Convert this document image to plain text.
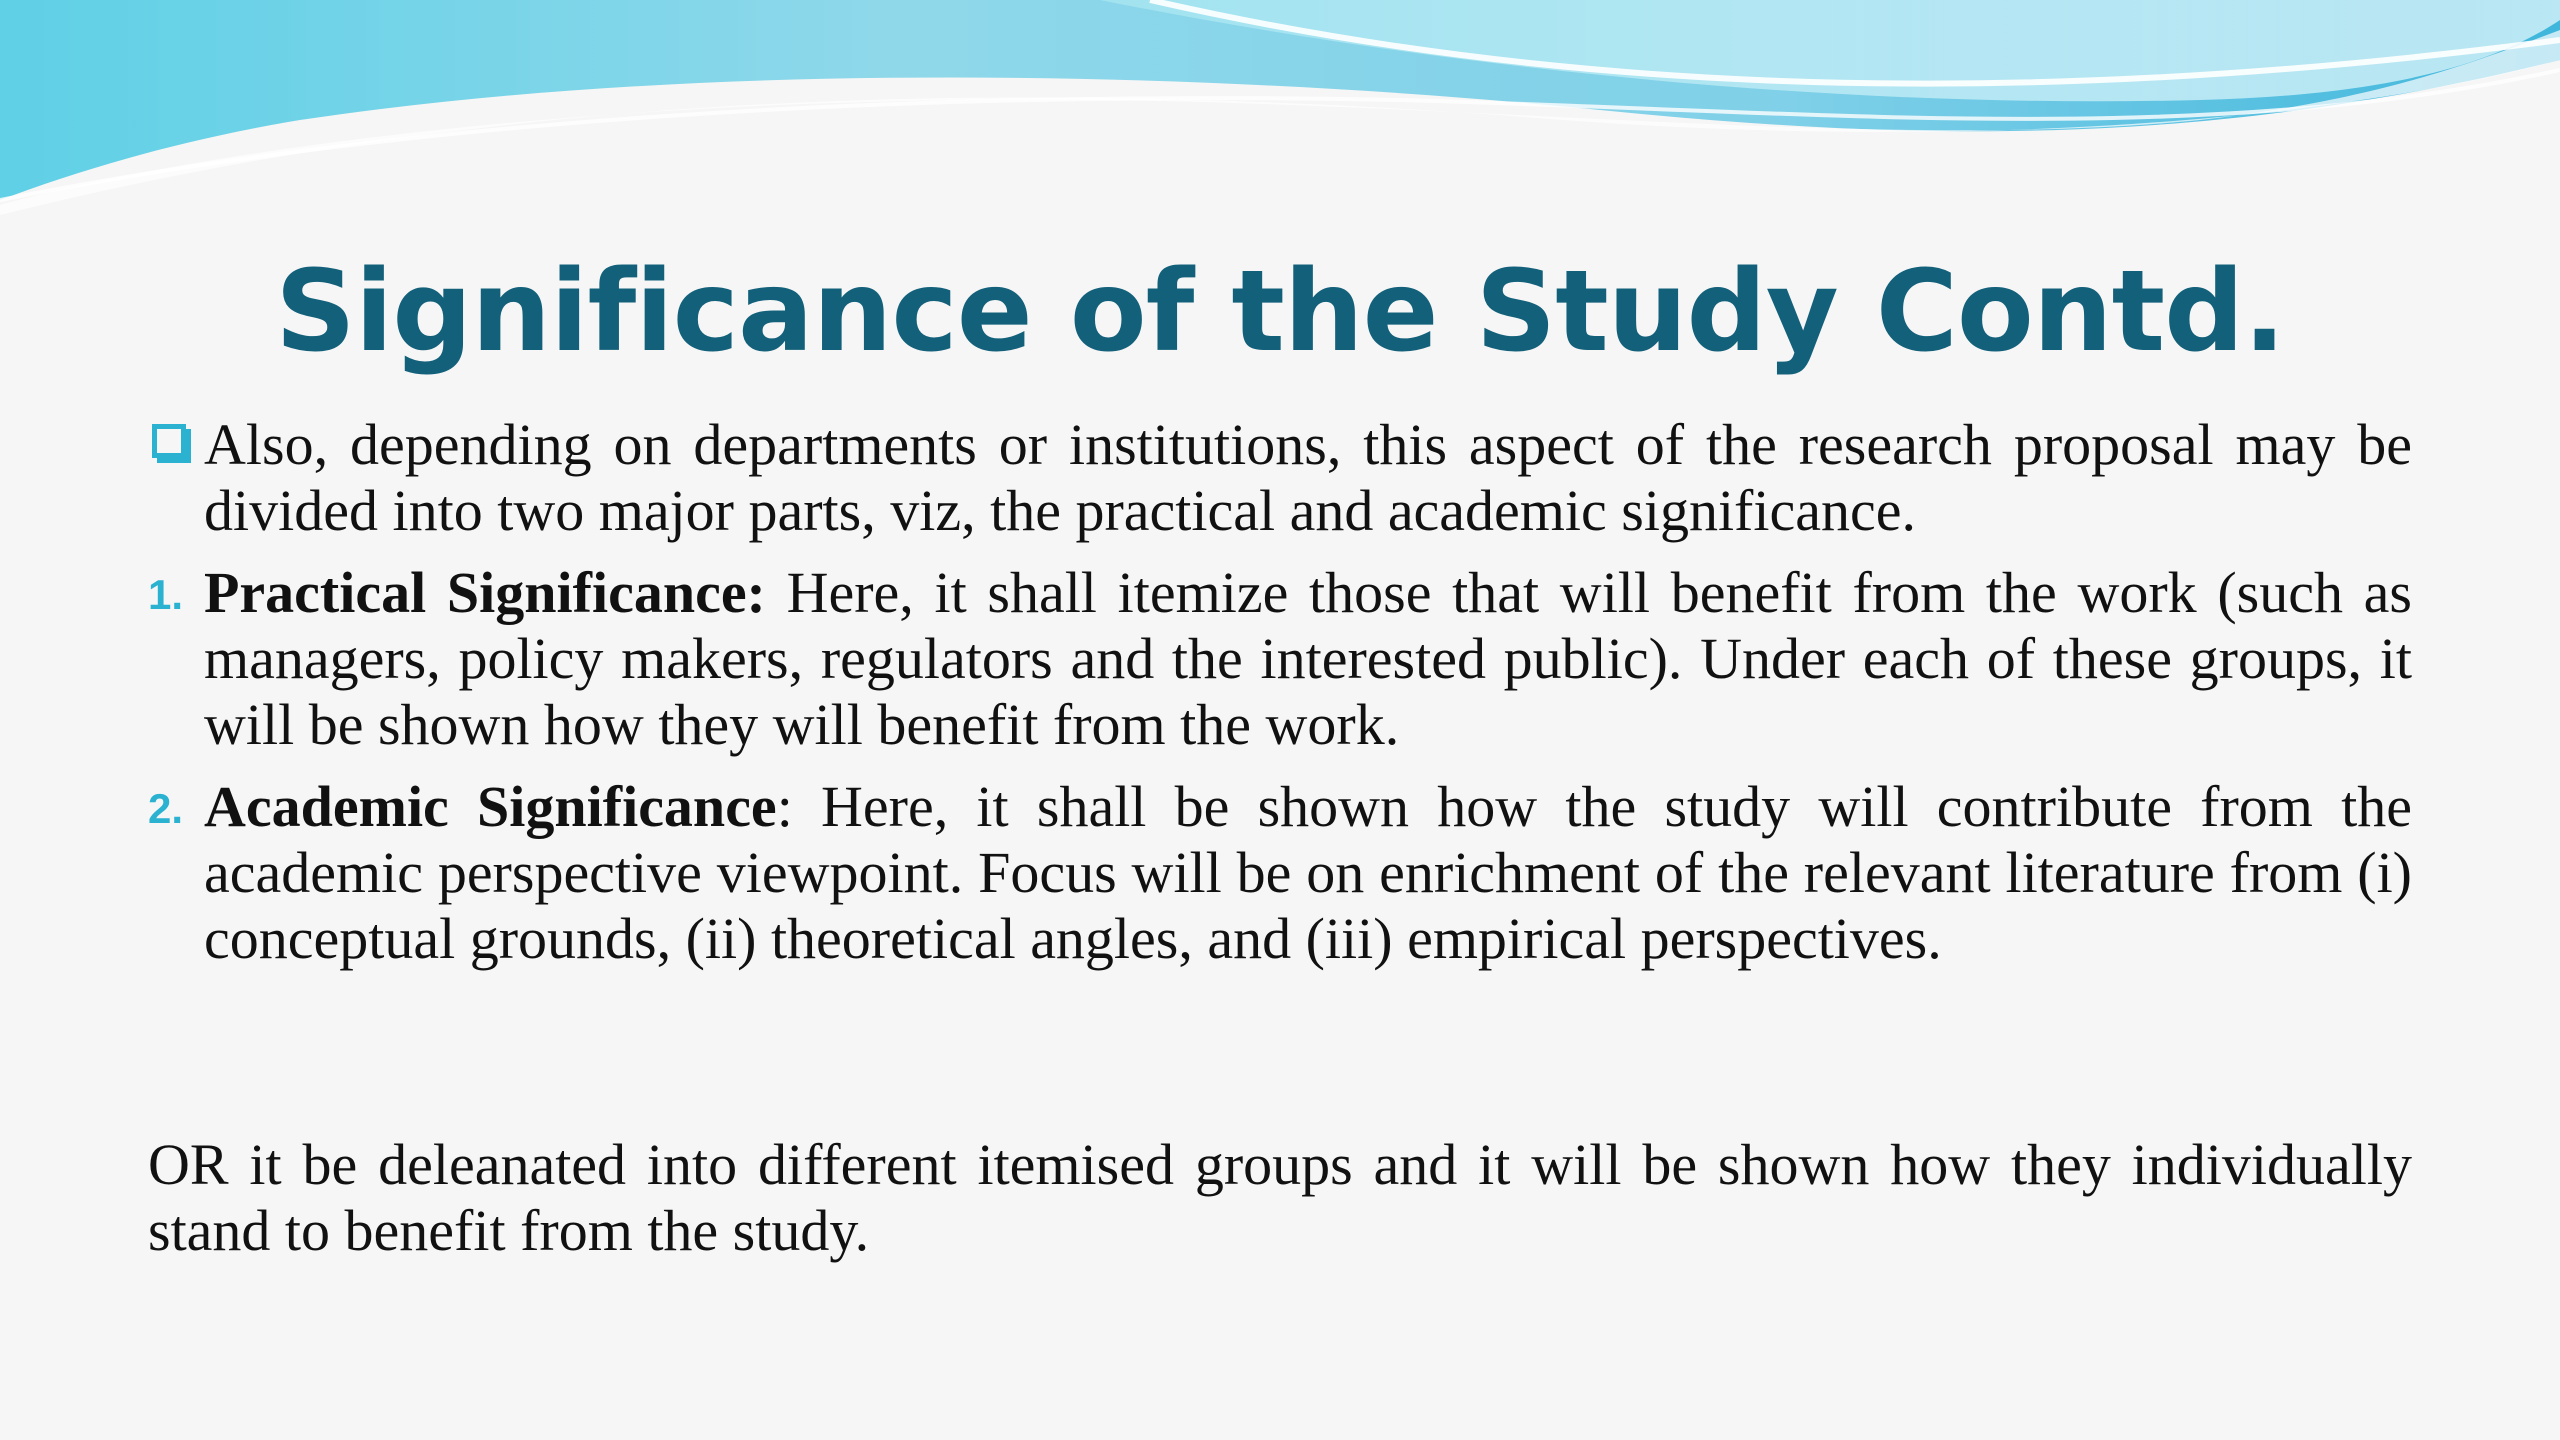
Significance of the Study Contd.
Also, depending on departments or institutions, this aspect of the research proposal may be divided into two major parts, viz, the practical and academic significance.
1. Practical Significance: Here, it shall itemize those that will benefit from the work (such as managers, policy makers, regulators and the interested public). Under each of these groups, it will be shown how they will benefit from the work.
2. Academic Significance: Here, it shall be shown how the study will contribute from the academic perspective viewpoint. Focus will be on enrichment of the relevant literature from (i) conceptual grounds, (ii) theoretical angles, and (iii) empirical perspectives.
OR it be deleanated into different itemised groups and it will be shown how they individually stand to benefit from the study.
